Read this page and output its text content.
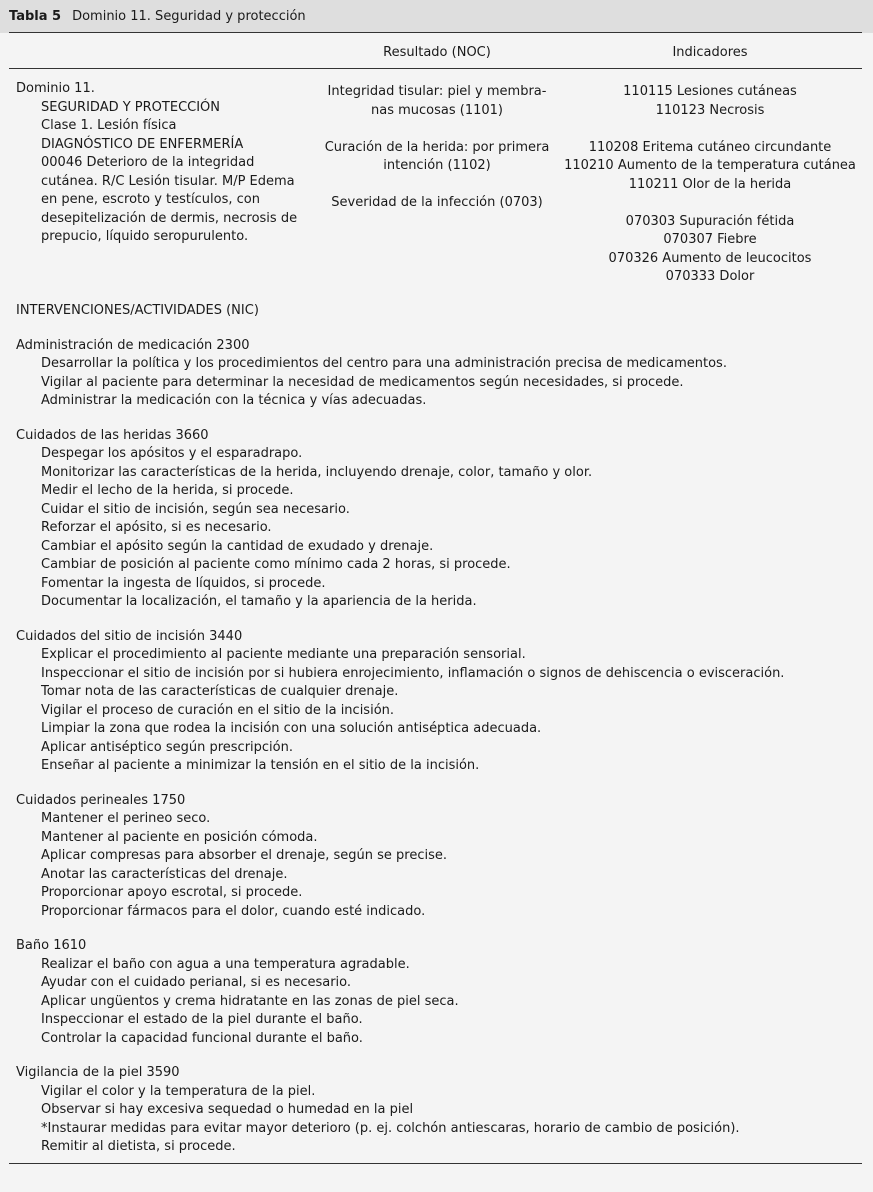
Tabla 5 Dominio 11. Seguridad y protección
Resultado (NOC)	Indicadores
Dominio 11.
SEGURIDAD Y PROTECCIÓN
Clase 1. Lesión física
DIAGNÓSTICO DE ENFERMERÍA
00046 Deterioro de la integridad
cutánea. R/C Lesión tisular. M/P Edema
en pene, escroto y testículos, con
desepitelización de dermis, necrosis de
prepucio, líquido seropurulento.
Integridad tisular: piel y membra-
nas mucosas (1101)
Curación de la herida: por primera
intención (1102)
Severidad de la infección (0703)
110115 Lesiones cutáneas
110123 Necrosis
110208 Eritema cutáneo circundante
110210 Aumento de la temperatura cutánea
110211 Olor de la herida
070303 Supuración fétida
070307 Fiebre
070326 Aumento de leucocitos
070333 Dolor
INTERVENCIONES/ACTIVIDADES (NIC)
Administración de medicación 2300
Desarrollar la política y los procedimientos del centro para una administración precisa de medicamentos.
Vigilar al paciente para determinar la necesidad de medicamentos según necesidades, si procede.
Administrar la medicación con la técnica y vías adecuadas.
Cuidados de las heridas 3660
Despegar los apósitos y el esparadrapo.
Monitorizar las características de la herida, incluyendo drenaje, color, tamaño y olor.
Medir el lecho de la herida, si procede.
Cuidar el sitio de incisión, según sea necesario.
Reforzar el apósito, si es necesario.
Cambiar el apósito según la cantidad de exudado y drenaje.
Cambiar de posición al paciente como mínimo cada 2 horas, si procede.
Fomentar la ingesta de líquidos, si procede.
Documentar la localización, el tamaño y la apariencia de la herida.
Cuidados del sitio de incisión 3440
Explicar el procedimiento al paciente mediante una preparación sensorial.
Inspeccionar el sitio de incisión por si hubiera enrojecimiento, inflamación o signos de dehiscencia o evisceración.
Tomar nota de las características de cualquier drenaje.
Vigilar el proceso de curación en el sitio de la incisión.
Limpiar la zona que rodea la incisión con una solución antiséptica adecuada.
Aplicar antiséptico según prescripción.
Enseñar al paciente a minimizar la tensión en el sitio de la incisión.
Cuidados perineales 1750
Mantener el perineo seco.
Mantener al paciente en posición cómoda.
Aplicar compresas para absorber el drenaje, según se precise.
Anotar las características del drenaje.
Proporcionar apoyo escrotal, si procede.
Proporcionar fármacos para el dolor, cuando esté indicado.
Baño 1610
Realizar el baño con agua a una temperatura agradable.
Ayudar con el cuidado perianal, si es necesario.
Aplicar ungüentos y crema hidratante en las zonas de piel seca.
Inspeccionar el estado de la piel durante el baño.
Controlar la capacidad funcional durante el baño.
Vigilancia de la piel 3590
Vigilar el color y la temperatura de la piel.
Observar si hay excesiva sequedad o humedad en la piel
*Instaurar medidas para evitar mayor deterioro (p. ej. colchón antiescaras, horario de cambio de posición).
Remitir al dietista, si procede.
